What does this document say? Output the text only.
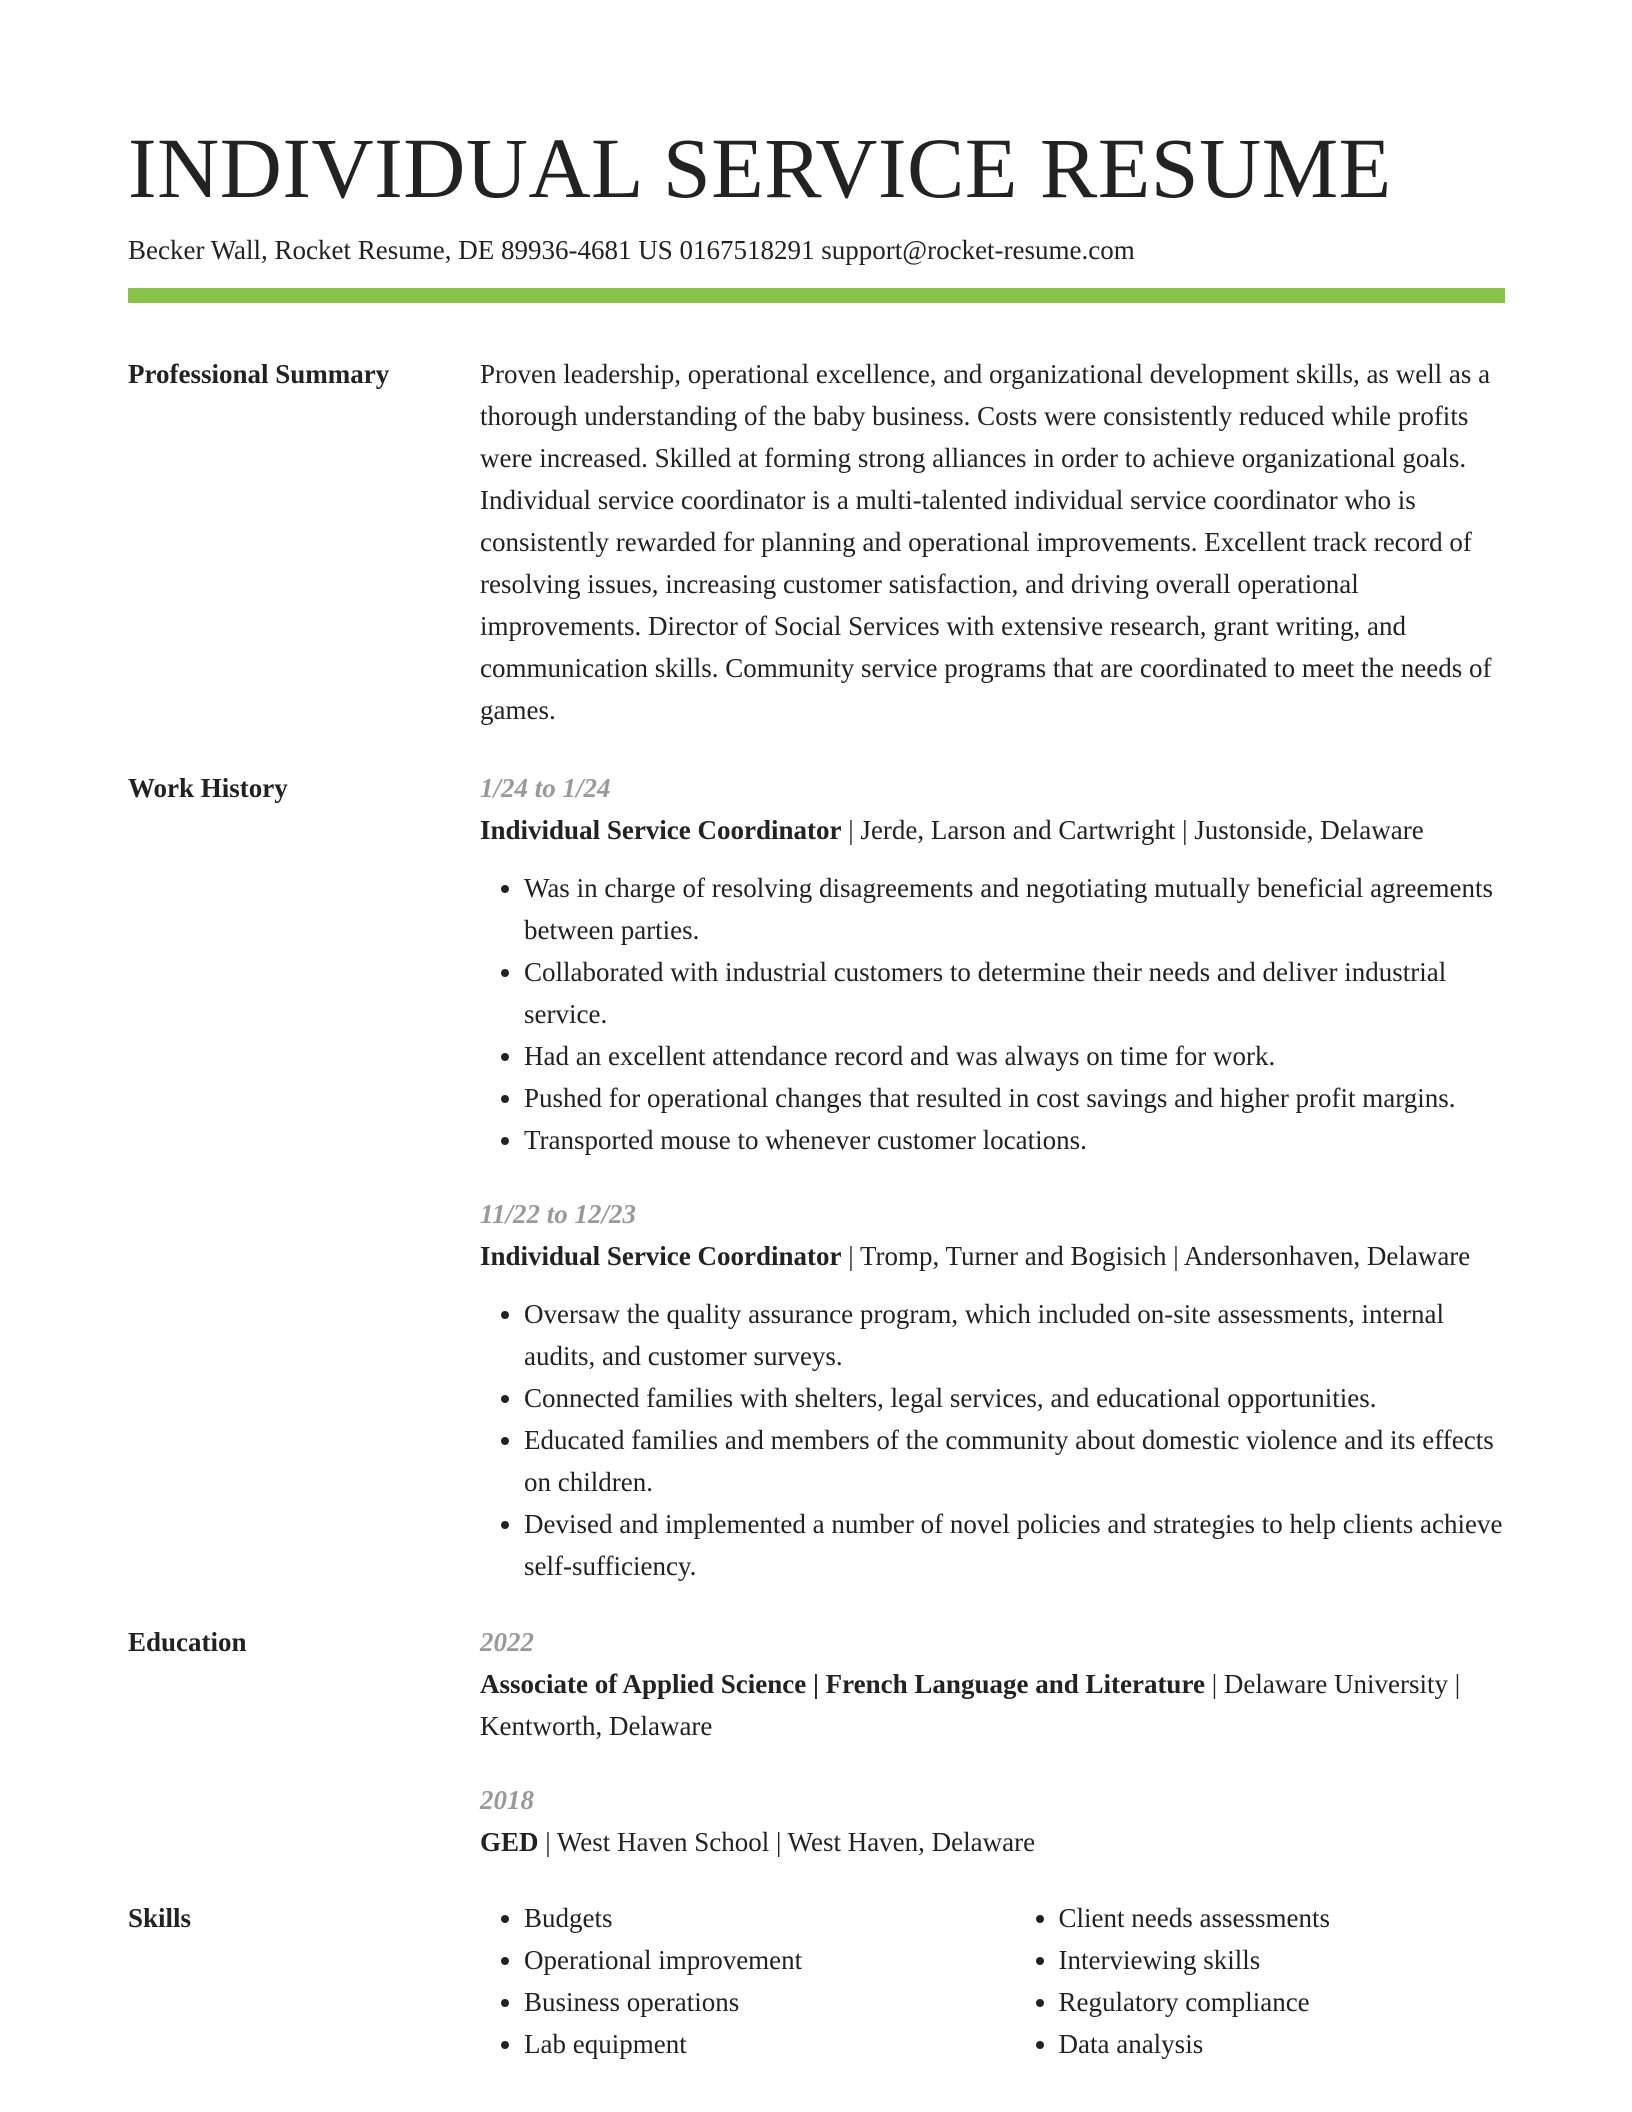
INDIVIDUAL SERVICE RESUME
Becker Wall, Rocket Resume, DE 89936-4681 US 0167518291 support@rocket-resume.com
Professional Summary	Proven leadership, operational excellence, and organizational development skills, as well as a thorough understanding of the baby business. Costs were consistently reduced while profits were increased. Skilled at forming strong alliances in order to achieve organizational goals. Individual service coordinator is a multi-talented individual service coordinator who is consistently rewarded for planning and operational improvements. Excellent track record of resolving issues, increasing customer satisfaction, and driving overall operational improvements. Director of Social Services with extensive research, grant writing, and communication skills. Community service programs that are coordinated to meet the needs of games.
Work History	1/24 to 1/24
Individual Service Coordinator | Jerde, Larson and Cartwright | Justonside, Delaware
• Was in charge of resolving disagreements and negotiating mutually beneficial agreements between parties.
• Collaborated with industrial customers to determine their needs and deliver industrial service.
• Had an excellent attendance record and was always on time for work.
• Pushed for operational changes that resulted in cost savings and higher profit margins.
• Transported mouse to whenever customer locations.
11/22 to 12/23
Individual Service Coordinator | Tromp, Turner and Bogisich | Andersonhaven, Delaware
• Oversaw the quality assurance program, which included on-site assessments, internal audits, and customer surveys.
• Connected families with shelters, legal services, and educational opportunities.
• Educated families and members of the community about domestic violence and its effects on children.
• Devised and implemented a number of novel policies and strategies to help clients achieve self-sufficiency.
Education	2022
Associate of Applied Science | French Language and Literature | Delaware University | Kentworth, Delaware
2018
GED | West Haven School | West Haven, Delaware
Skills
•	Budgets
• Operational improvement
• Business operations
• Lab equipment
• Client needs assessments
• Interviewing skills
• Regulatory compliance
• Data analysis
